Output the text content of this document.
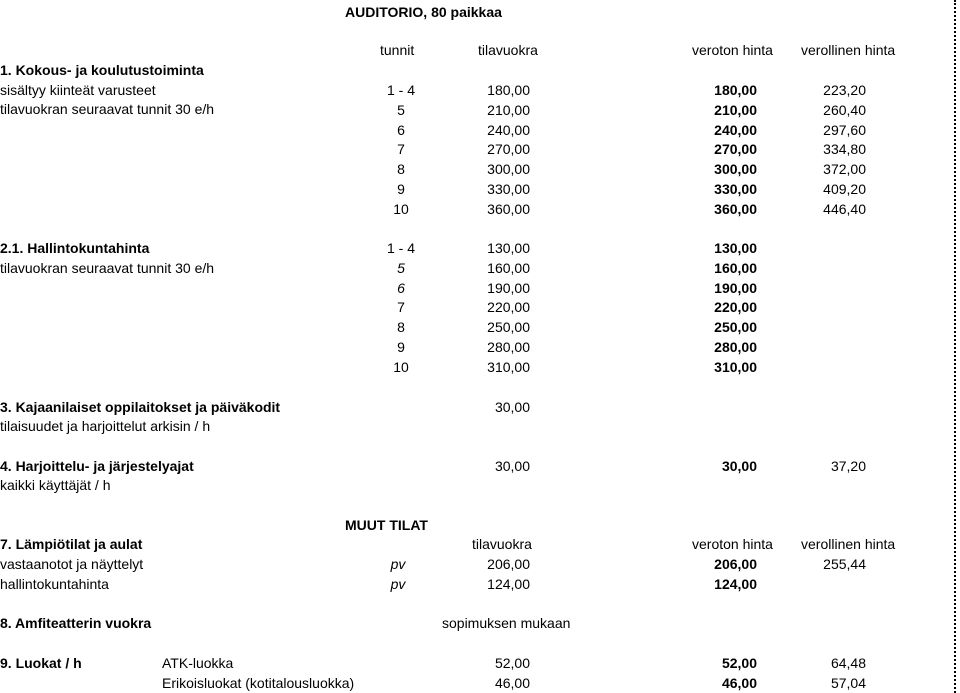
AUDITORIO, 80 paikkaa
tunnit	tilavuokra	veroton hinta verollinen hinta
1. Kokous- ja koulutustoiminta
sisältyy kiinteät varusteet
tilavuokran seuraavat tunnit 30 e/h
1 - 4	180,00	180,00	223,20
5	210,00	210,00	260,40
6	240,00	240,00	297,60
7	270,00	270,00	334,80
8	300,00	300,00	372,00
9	330,00	330,00	409,20
10	360,00	360,00	446,40
2.1. Hallintokuntahinta
tilavuokran seuraavat tunnit 30 e/h
1 - 4	130,00	130,00
5	160,00	160,00
6	190,00	190,00
7	220,00	220,00
8	250,00	250,00
9	280,00	280,00
10	310,00	310,00
3. Kajaanilaiset oppilaitokset ja päiväkodit	30,00
tilaisuudet ja harjoittelut arkisin / h
4. Harjoittelu- ja järjestelyajat	30,00	30,00	37,20
kaikki käyttäjät / h
MUUT TILAT
7. Lämpiötilat ja aulat	tilavuokra	veroton hinta verollinen hinta
vastaanotot ja näyttelyt	pv	206,00	206,00	255,44
hallintokuntahinta	pv	124,00	124,00
8. Amfiteatterin vuokra	sopimuksen mukaan
9. Luokat / h	ATK-luokka	52,00	52,00	64,48
Erikoisluokat (kotitalousluokka)	46,00	46,00	57,04
